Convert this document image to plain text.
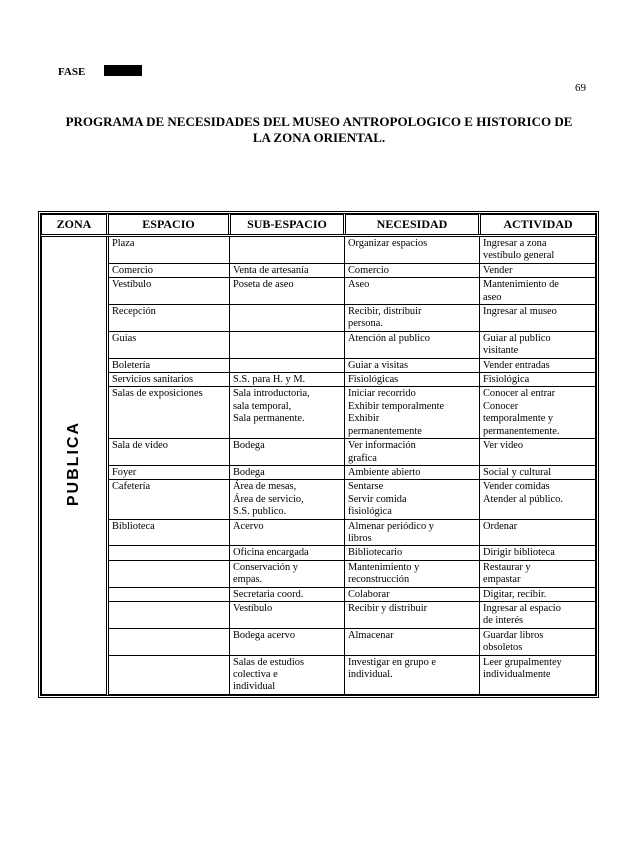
FASE
69
PROGRAMA DE NECESIDADES DEL MUSEO ANTROPOLOGICO E HISTORICO DE
LA ZONA ORIENTAL.
ZONA	ESPACIO	SUB-ESPACIO	NECESIDAD	ACTIVIDAD
PUBLICA	Plaza		Organizar espacios	Ingresar a zona
vestíbulo general
	Comercio	Venta de artesanía	Comercio	Vender
	Vestíbulo	Poseta de aseo	Aseo	Mantenimiento de
aseo
	Recepción		Recibir, distribuir
persona.	Ingresar al museo
	Guías		Atención al publico	Guiar al publico
visitante
	Boletería		Guiar a visitas	Vender entradas
	Servicios sanitarios	S.S. para H. y M.	Fisiológicas	Fisiológica
	Salas de exposiciones	Sala introductoria,
sala temporal,
Sala permanente.	Iniciar recorrido
Exhibir temporalmente
Exhibir
permanentemente	Conocer al entrar
Conocer
temporalmente y
permanentemente.
	Sala de video	Bodega	Ver información
grafica	Ver video
	Foyer	Bodega	Ambiente abierto	Social y cultural
	Cafetería	Área de mesas,
Área de servicio,
S.S. publico.	Sentarse
Servir comida
fisiológica	Vender comidas
Atender al público.
	Biblioteca	Acervo	Almenar periódico y
libros	Ordenar
		Oficina encargada	Bibliotecario	Dirigir biblioteca
		Conservación y
empas.	Mantenimiento y
reconstrucción	Restaurar y
empastar
		Secretaria coord.	Colaborar	Digitar, recibir.
		Vestíbulo	Recibir y distribuir	Ingresar al espacio
de interés
		Bodega acervo	Almacenar	Guardar libros
obsoletos
		Salas de estudios
colectiva e
individual	Investigar en grupo e
individual.	Leer grupalmentey
individualmente
